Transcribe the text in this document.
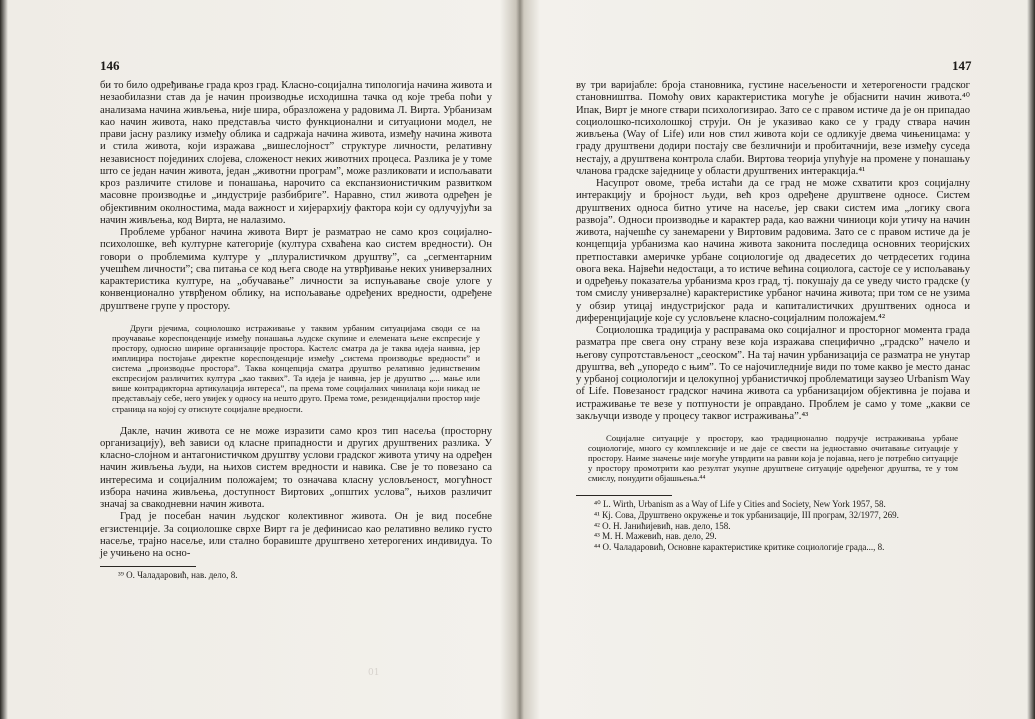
146

би то било одређивање града кроз град. Класно-социјална типологија начина живота и незаобилазни став да је начин производње исходишна тачка од које треба поћи у анализама начина живљења, није шира, образложена у радовима Л. Вирта. Урбанизам као начин живота, нако представља чисто функционални и ситуациони модел, не прави јасну разлику између облика и садржаја начина живота, између начина живота и стила живота, који изражава „вишеслојност” структуре личности, релативну независност појединих слојева, сложеност неких животних процеса. Разлика је у томе што се један начин живота, један „животни програм”, може разликовати и испољавати кроз различите стилове и понашања, нарочито са експанзионистичким развитком масовне производње и „индустрије разбибриге”. Наравно, стил живота одређен је објективним околностима, мада важност и хијерархију фактора који су одлучујући за начин живљења, код Вирта, не налазимо.

Проблеме урбаног начина живота Вирт је разматрао не само кроз социјално-психолошке, већ културне категорије (култура схваћена као систем вредности). Он говори о проблемима културе у „плуралистичком друштву”, са „сегментарним учешћем личности”; сва питања се код њега своде на утврђивање неких универзалних карактеристика културе, на „обучавање” личности за испуњавање своје улоге у конвенционално утврђеном облику, на испољавање одређених вредности, одређене друштвене групе у простору.

Други рјечима, социолошко истраживање у таквим урбаним ситуацијама своди се на проучавање кореспонденције између понашања људске скупине и елемената њене експресије у простору, односно ширине организације простора. Кастелс сматра да је таква идеја наивна, јер имплицира постојање директне кореспонденције између „система производње вредности” и система „производње простора”. Таква концепција сматра друштво релативно јединственим експресијом различитих култура „као таквих”. Та идеја је наивна, јер је друштво „... мање или више контрадикторна артикулација интереса”, па према томе социјалних чинилаца који никад не представљају себе, него увијек у односу на нешто друго. Према томе, резиденцијални простор није страница на којој су отиснуте социјалне вредности.

Дакле, начин живота се не може изразити само кроз тип насеља (просторну организацију), већ зависи од класне припадности и других друштвених разлика. У класно-слојном и антагонистичком друштву услови градског живота утичу на одређен начин живљења људи, на њихов систем вредности и навика. Све је то повезано са интересима и социјалним положајем; то означава класну условљеност, могућност избора начина живљења, доступност Виртових „општих услова”, њихов различит значај за свакодневни начин живота.

Град је посебан начин људског колективног живота. Он је вид посебне егзистенције. За социолошке сврхе Вирт га је дефинисао као релативно велико густо насеље, трајно насеље, или стално боравиште друштвено хетерогених индивидуа. То је учињено на осно-

³⁹ О. Чаладаровић, нав. дело, 8.

01
147

ву три варијабле: броја становника, густине насељености и хетерогености градског становништва. Помоћу ових карактеристика могуће је објаснити начин живота.⁴⁰ Ипак, Вирт је многе ствари психологизирао. Зато се с правом истиче да је он припадао социолошко-психолошкој струји. Он је указивао како се у граду ствара начин живљења (Way of Life) или нов стил живота који се одликује двема чињеницама: у граду друштвени додири постају све безличнији и пробитачнији, везе између суседа нестају, а друштвена контрола слаби. Виртова теорија упућује на промене у понашању чланова градске заједнице у области друштвених интеракција.⁴¹

Насупрот овоме, треба истаћи да се град не може схватити кроз социјалну интеракцију и бројност људи, већ кроз одређене друштвене односе. Систем друштвених односа битно утиче на насеље, јер сваки систем има „логику свога развоја”. Односи производње и карактер рада, као важни чиниоци који утичу на начин живота, најчешће су занемарени у Виртовим радовима. Зато се с правом истиче да је концепција урбанизма као начина живота законита последица основних теоријских претпоставки америчке урбане социологије од двадесетих до четрдесетих година овога века. Највећи недостаци, а то истиче већина социолога, састоје се у испољавању и одређењу показатеља урбанизма кроз град, тј. покушају да се уведу чисто градске (у том смислу универзалне) карактеристике урбаног начина живота; при том се не узима у обзир утицај индустријског рада и капиталистичких друштвених односа и диференцијације које су условљене класно-социјалним положајем.⁴²

Социолошка традиција у расправама око социјалног и просторног момента града разматра пре свега ону страну везе која изражава специфично „градско” начело и његову супротстављеност „сеоском”. На тај начин урбанизација се разматра не унутар друштва, већ „упоредо с њим”. То се најочигледније види по томе какво је место данас у урбаној социологији и целокупној урбанистичкој проблематици заузео Urbanism Way of Life. Повезаност градског начина живота са урбанизацијом објективна је појава и истраживање те везе у потпуности је оправдано. Проблем је само у томе „какви се закључци изводе у процесу таквог истраживања”.⁴³

Социјалне ситуације у простору, као традиционално подручје истраживања урбане социологије, много су комплексније и не даје се свести на једноставно очитавање ситуације у простору. Наиме значење није могуће утврдити на равни која је појавна, него је потребно ситуације у простору промотрити као резултат укупне друштвене ситуације одређеног друштва, те у том смислу, понудити објашњења.⁴⁴

⁴⁰ L. Wirth, Urbanism as a Way of Life у Cities and Society, New York 1957, 58.

⁴¹ Кј. Сова, Друштвено окружење и ток урбанизације, III програм, 32/1977, 269.

⁴² О. Н. Јанићијевић, нав. дело, 158.

⁴³ М. Н. Мажевић, нав. дело, 29.

⁴⁴ О. Чаладаровић, Основне карактеристике критике социологије града..., 8.
